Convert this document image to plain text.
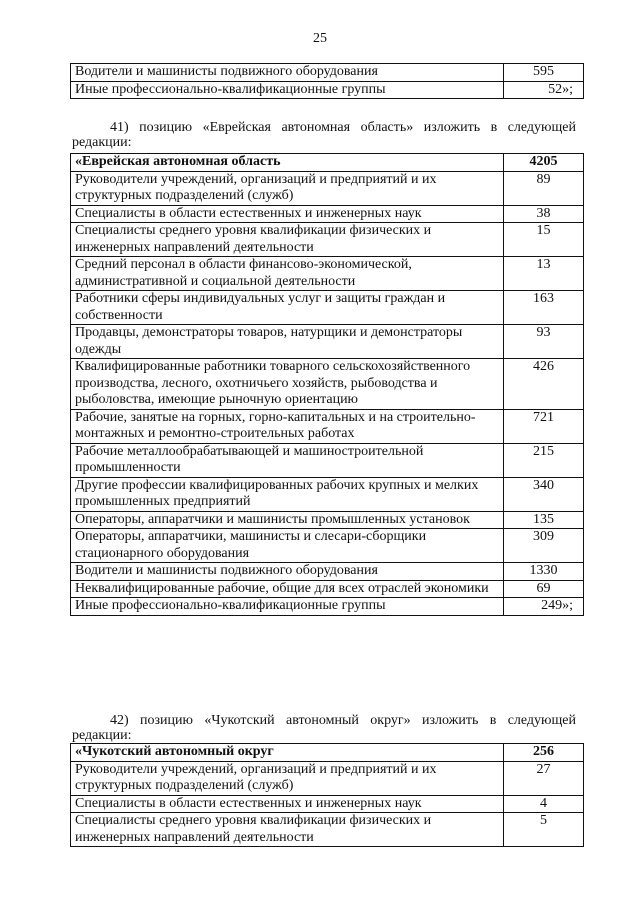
25
Водители и машинисты подвижного оборудования	595
Иные профессионально-квалификационные группы	52»;
41) позицию «Еврейская автономная область» изложить в следующей
редакции:
«Еврейская автономная область	4205
Руководители учреждений, организаций и предприятий и их структурных подразделений (служб)	89
Специалисты в области естественных и инженерных наук	38
Специалисты среднего уровня квалификации физических и инженерных направлений деятельности	15
Средний персонал в области финансово-экономической, административной и социальной деятельности	13
Работники сферы индивидуальных услуг и защиты граждан и собственности	163
Продавцы, демонстраторы товаров, натурщики и демонстраторы одежды	93
Квалифицированные работники товарного сельскохозяйственного производства, лесного, охотничьего хозяйств, рыбоводства и рыболовства, имеющие рыночную ориентацию	426
Рабочие, занятые на горных, горно-капитальных и на строительно-монтажных и ремонтно-строительных работах	721
Рабочие металлообрабатывающей и машиностроительной промышленности	215
Другие профессии квалифицированных рабочих крупных и мелких промышленных предприятий	340
Операторы, аппаратчики и машинисты промышленных установок	135
Операторы, аппаратчики, машинисты и слесари-сборщики стационарного оборудования	309
Водители и машинисты подвижного оборудования	1330
Неквалифицированные рабочие, общие для всех отраслей экономики	69
Иные профессионально-квалификационные группы	249»;
42) позицию «Чукотский автономный округ» изложить в следующей
редакции:
«Чукотский автономный округ	256
Руководители учреждений, организаций и предприятий и их структурных подразделений (служб)	27
Специалисты в области естественных и инженерных наук	4
Специалисты среднего уровня квалификации физических и инженерных направлений деятельности	5
